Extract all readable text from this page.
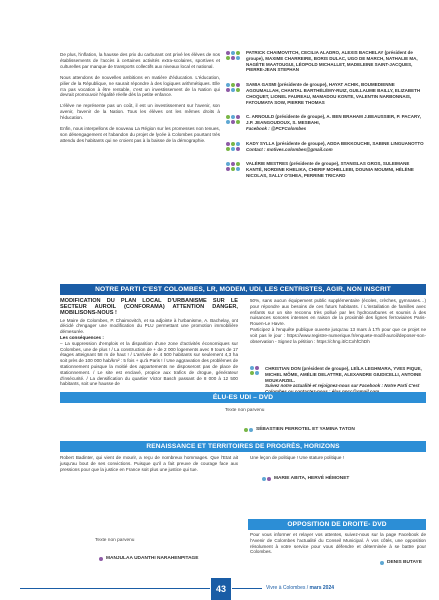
De plus, l'inflation, la hausse des prix du carburant ont privé les élèves de nos établissements de l'accès à certaines activités extra-scolaires, sportives et culturelles par manque de transports collectifs aux niveaux local et national.

Nous attendons de nouvelles ambitions en matière d'éducation. L'éducation, pilier de la République, ne saurait répondre à des logiques arithmétiques. Elle n'a pas vocation à être rentable, c'est un investissement de la Nation qui devrait promouvoir l'égalité réelle dès la petite enfance.

L'élève ne représente pas un coût, il est un investissement sur l'avenir, son avenir, l'avenir de la Nation. Tous les élèves ont les mêmes droits à l'éducation.

Enfin, nous interpellons de nouveau La Région sur les promesses non tenues, son désengagement et l'abandon du projet de lycée à Colombes pourtant très attendu des habitants qui ne croient pas à la baisse de la démographie.

PATRICK CHAIMOVITCH, CECILIA ALADRO, ALEXIS BACHELAY (président de groupe), MAXIME CHARREIRE, BORIS DULAC, UGO DE MARCH, NATHALIE MA, NAGÈTE MAATOUGUI, LÉOPOLD MICHALLET, MADELEINE SAINT-JACQUES, PIERRE-JEAN STEPHAN
SAMIA GASMI (présidente de groupe), HAYAT ACHIK, BOUMEDIENNE AGOUMALLAH, CHANTAL BARTHÉLÉMY-RUIZ, GUILLAUME BAILLY, ELIZABETH CHOQUET, LIONEL FAUREAU, MAMADOU KONTE, VALENTIN NARBONNAIS, FATOUMATA SOW, PIERRE THOMAS
C. ARNOULD (présidente de groupe), A. BEN BRAHAM J.BEAUSSIER, P. PACARY, J.P. JEANGOUDOUX, S. MESBAHI,
Facebook : @PCFColombes
KADY SYLLA (présidente de groupe), ADDA BEKKOUCHE, SABINE LINGUANOTTO
Contact : motives.colombes@gmail.com
VALÉRIE MESTRES (présidente de groupe), STANISLAS GROS, SULEIMANE KANTÉ, NORDINE KHELIKA, CHERIF MOHELLEBI, DOUNIA MOUMNI, HÉLÈNE NICOLAS, SALLY O'SHEA, PERRINE TRICARD
NOTRE PARTI C'EST COLOMBES, LR, MODEM, UDI, LES CENTRISTES, AGIR, NON INSCRIT
MODIFICATION DU PLAN LOCAL D'URBANISME SUR LE SECTEUR AUROIL (CONFORAMA) ATTENTION DANGER, MOBILISONS-NOUS !
Le Maire de Colombes, P. Chaimovitch, et sa adjointe à l'urbanisme, A. Bachelay, ont décidé d'engager une modification du PLU permettant une promotion immobilière démesurée.
Les conséquences :
– La suppression d'emplois et la disparition d'une zone d'activités économiques sur Colombes, une de plus ! / La construction de + de 2 000 logements avec 9 tours de 17 étages atteignant 58 m de haut ! / L'arrivée de 4 500 habitants sur seulement 4,3 ha soit près de 100 000 hab/km² : 5 fois + qu'à Paris ! / Une aggravation des problèmes de stationnement puisque la moitié des appartements ne disposeront pas de place de stationnement. / Le site est enclavé, propice aux trafics de drogue, générateur d'insécurité. / La densification du quartier Victor Basch passant de 8 000 à 12 500 habitants, soit une hausse de
50%, sans aucun équipement public supplémentaire (écoles, crèches, gymnases…) pour répondre aux besoins de ces futurs habitants. / L'installation de familles avec enfants sur un site reconnu très pollué par les hydrocarbures et soumis à des nuisances sonores intenses en raison de la proximité des lignes ferroviaires Paris-Rouen-Le Havre.
Participez à l'enquête publique ouverte jusqu'au 13 mars à 17h pour que ce projet ne voit pas le jour : https://www.registre-numerique.fr/enquete-modif-auroil/deposer-son-observation - Signez la pétition : https://chng.it/CCxhfChDh
CHRISTIAN DON (président de groupe), LEÏLA LEGHMARA, YVES PIQUE, MICHEL MÔME, AMÉLIE DELATTRE, ALEXANDRE GIUDICELLI, ANTOINE MOUKARZEL.
Suivez notre actualité et rejoignez-nous sur Facebook : Notre Parti C'est
ÉLU-ES UDI – DVD
Texte non parvenu
SÉBASTIEN PERROTEL ET YAMINA TATON
RENAISSANCE ET TERRITOIRES DE PROGRÈS, HORIZONS
Robert Badinter, qui vient de mourir, a reçu de nombreux hommages. Que l'Etat ait jusqu'au bout de ses convictions. Puisque qu'il a fait preuve de courage face aux pressions pour que la justice en France soit plus une justice qui tue.
Une leçon de politique ! Une stature politique !
MARIE ABITA, HERVÉ HÉMONET
Texte non parvenu
MANJULAA UDANTHI NARAHENPITAGE
OPPOSITION DE DROITE- DVD
Pour vous informer et relayer vos attentes, suivez-nous sur la page Facebook de l'Avenir de Colombes l'actualité du Conseil Municipal. À vos côtés, une opposition résolument à votre service pour vous défendre et déterminée à se battre pour Colombes.
DENIS BUTAYE
43	Vivre à Colombes / mars 2024
